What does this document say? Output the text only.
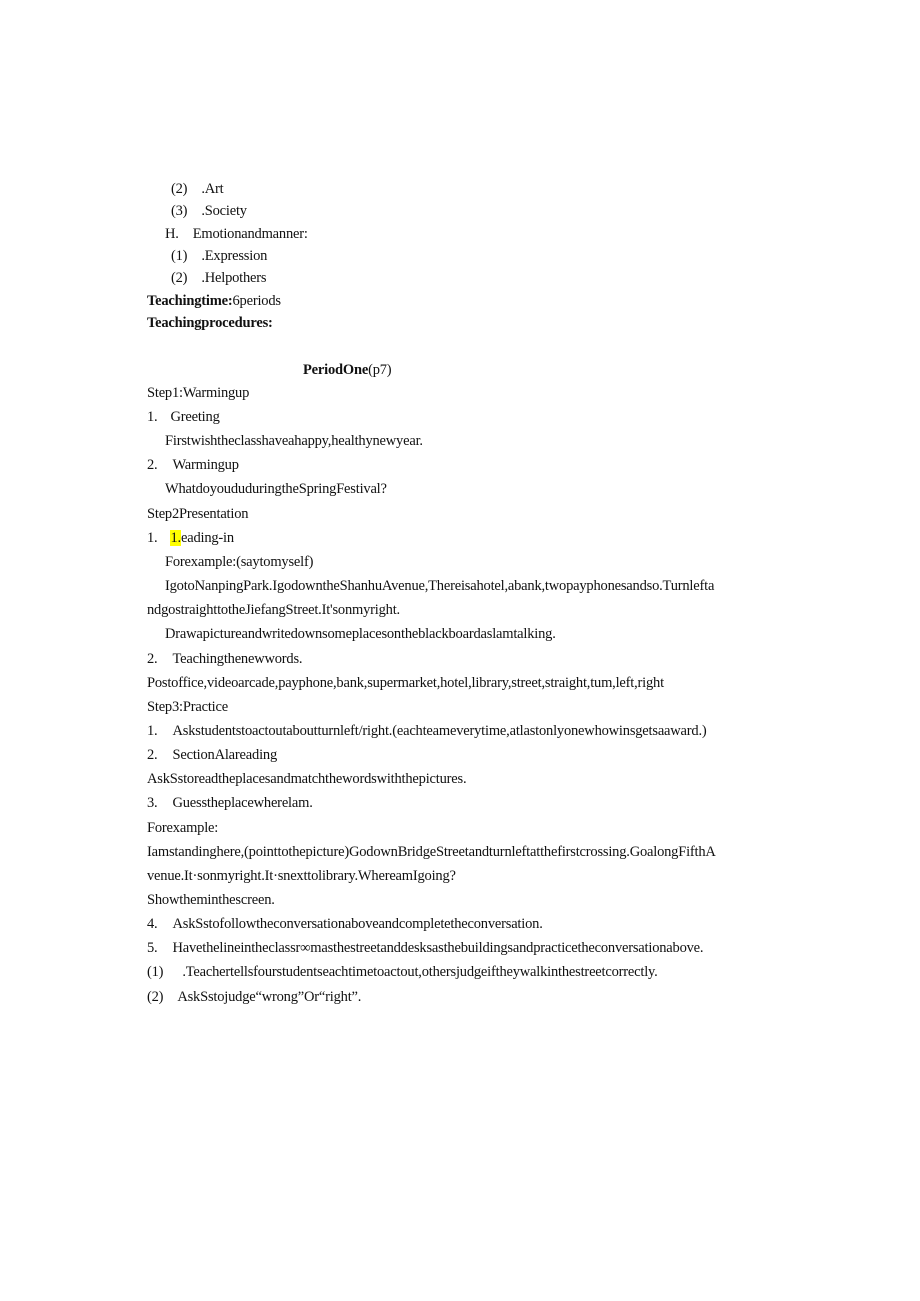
(2) .Art
(3) .Society
H. Emotionandmanner:
(1) .Expression
(2) .Helpothers
Teachingtime:6periods
Teachingprocedures:
PeriodOne(p7)
Step1:Warmingup
1. Greeting
Firstwishtheclasshaveahappy,healthynewyear.
2. Warmingup
WhatdoyoududuringtheSpringFestival?
Step2Presentation
1. 1.eading-in
Forexample:(saytomyself)
IgotoNanpingPark.IgodowntheShanhuAvenue,Thereisahotel,abank,twopayphonesandso.Turnlefta
ndgostraighttotheJiefangStreet.It'sonmyright.
Drawapictureandwritedownsomeplacesontheblackboardaslamtalking.
2. Teachingthenewwords.
Postoffice,videoarcade,payphone,bank,supermarket,hotel,library,street,straight,tum,left,right
Step3:Practice
1. Askstudentstoactoutaboutturnleft/right.(eachteameverytime,atlastonlyonewhowinsgetsaaward.)
2. SectionAlareading
AskSstoreadtheplacesandmatchthewordswiththepictures.
3. Guesstheplacewherelam.
Forexample:
Iamstandinghere,(pointtothepicture)GodownBridgeStreetandturnleftatthefirstcrossing.GoalongFifthA
venue.It·sonmyright.It·snexttolibrary.WhereamIgoing?
Showtheminthescreen.
4. AskSstofollowtheconversationaboveandcompletetheconversation.
5. Havethelineintheclassr∞masthestreetanddesksasthebuildingsandpracticetheconversationabove.
(1) .Teachertellsfourstudentseachtimetoactout,othersjudgeiftheywalkinthestreetcorrectly.
(2) AskSstojudge“wrong”Or“right”.
